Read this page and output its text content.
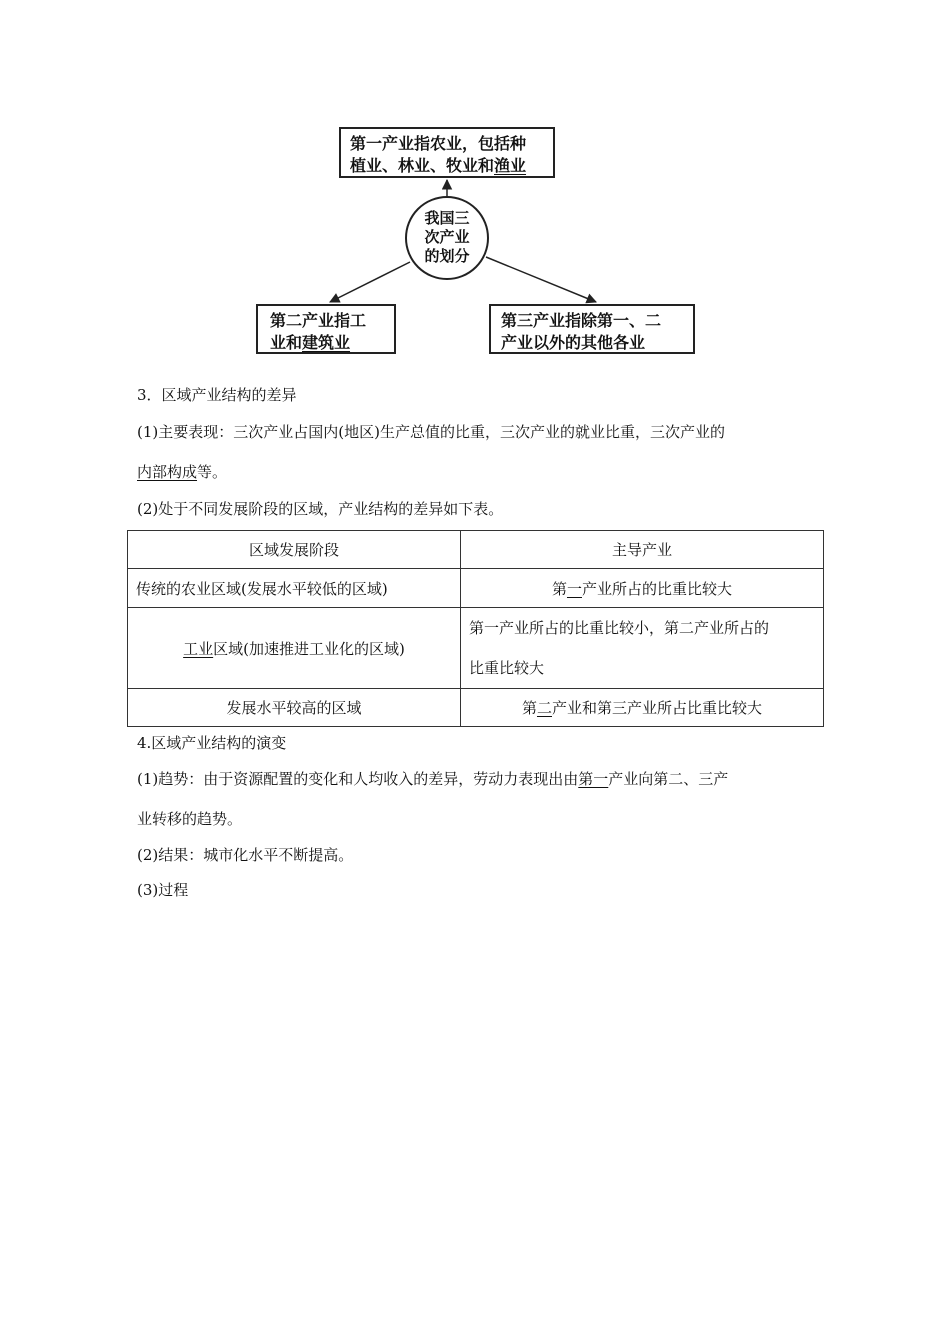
第一产业指农业，包括种
植业、林业、牧业和渔业
我国三
次产业
的划分
第二产业指工
业和建筑业
第三产业指除第一、二
产业以外的其他各业
3．区域产业结构的差异
(1)主要表现：三次产业占国内(地区)生产总值的比重，三次产业的就业比重，三次产业的
内部构成等。
(2)处于不同发展阶段的区域，产业结构的差异如下表。
区域发展阶段	主导产业
传统的农业区域(发展水平较低的区域)	第一产业所占的比重比较大
工业区域(加速推进工业化的区域)	第一产业所占的比重比较小，第二产业所占的
比重比较大

发展水平较高的区域	第二产业和第三产业所占比重比较大
4.区域产业结构的演变
(1)趋势：由于资源配置的变化和人均收入的差异，劳动力表现出由第一产业向第二、三产
业转移的趋势。
(2)结果：城市化水平不断提高。
(3)过程
